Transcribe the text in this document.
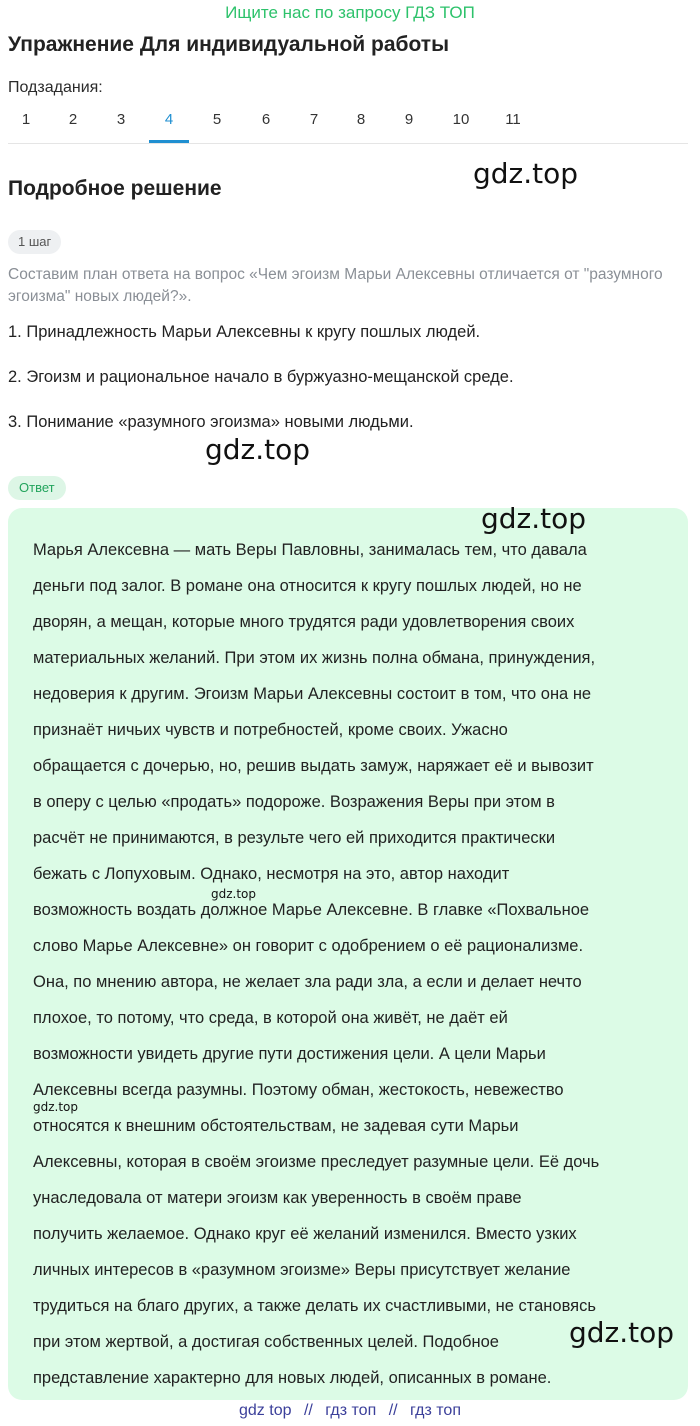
Ищите нас по запросу ГДЗ ТОП
Упражнение Для индивидуальной работы
Подзадания:
1	2	3	4	5	6	7	8	9	10	11
Подробное решение	gdz.top
1 шаг
Составим план ответа на вопрос «Чем эгоизм Марьи Алексевны отличается от "разумного эгоизма" новых людей?».
1. Принадлежность Марьи Алексевны к кругу пошлых людей.
2. Эгоизм и рациональное начало в буржуазно-мещанской среде.
3. Понимание «разумного эгоизма» новыми людьми.
gdz.top
Ответ
gdz.top
Марья Алексевна — мать Веры Павловны, занималась тем, что давала
деньги под залог. В романе она относится к кругу пошлых людей, но не
дворян, а мещан, которые много трудятся ради удовлетворения своих
материальных желаний. При этом их жизнь полна обмана, принуждения,
недоверия к другим. Эгоизм Марьи Алексевны состоит в том, что она не
признаёт ничьих чувств и потребностей, кроме своих. Ужасно
обращается с дочерью, но, решив выдать замуж, наряжает её и вывозит
в оперу с целью «продать» подороже. Возражения Веры при этом в
расчёт не принимаются, в результе чего ей приходится практически
бежать с Лопуховым. Однако, несмотря на это, автор находит
возможность воздать должное Марье Алексевне. В главке «Похвальное
слово Марье Алексевне» он говорит с одобрением о её рационализме.
Она, по мнению автора, не желает зла ради зла, а если и делает нечто
плохое, то потому, что среда, в которой она живёт, не даёт ей
возможности увидеть другие пути достижения цели. А цели Марьи
Алексевны всегда разумны. Поэтому обман, жестокость, невежество
относятся к внешним обстоятельствам, не задевая сути Марьи
Алексевны, которая в своём эгоизме преследует разумные цели. Её дочь
унаследовала от матери эгоизм как уверенность в своём праве
получить желаемое. Однако круг её желаний изменился. Вместо узких
личных интересов в «разумном эгоизме» Веры присутствует желание
трудиться на благо других, а также делать их счастливыми, не становясь
при этом жертвой, а достигая собственных целей. Подобное
представление характерно для новых людей, описанных в романе.
gdz.top
gdz.top
gdz.top
gdz top // гдз топ // гдз топ
